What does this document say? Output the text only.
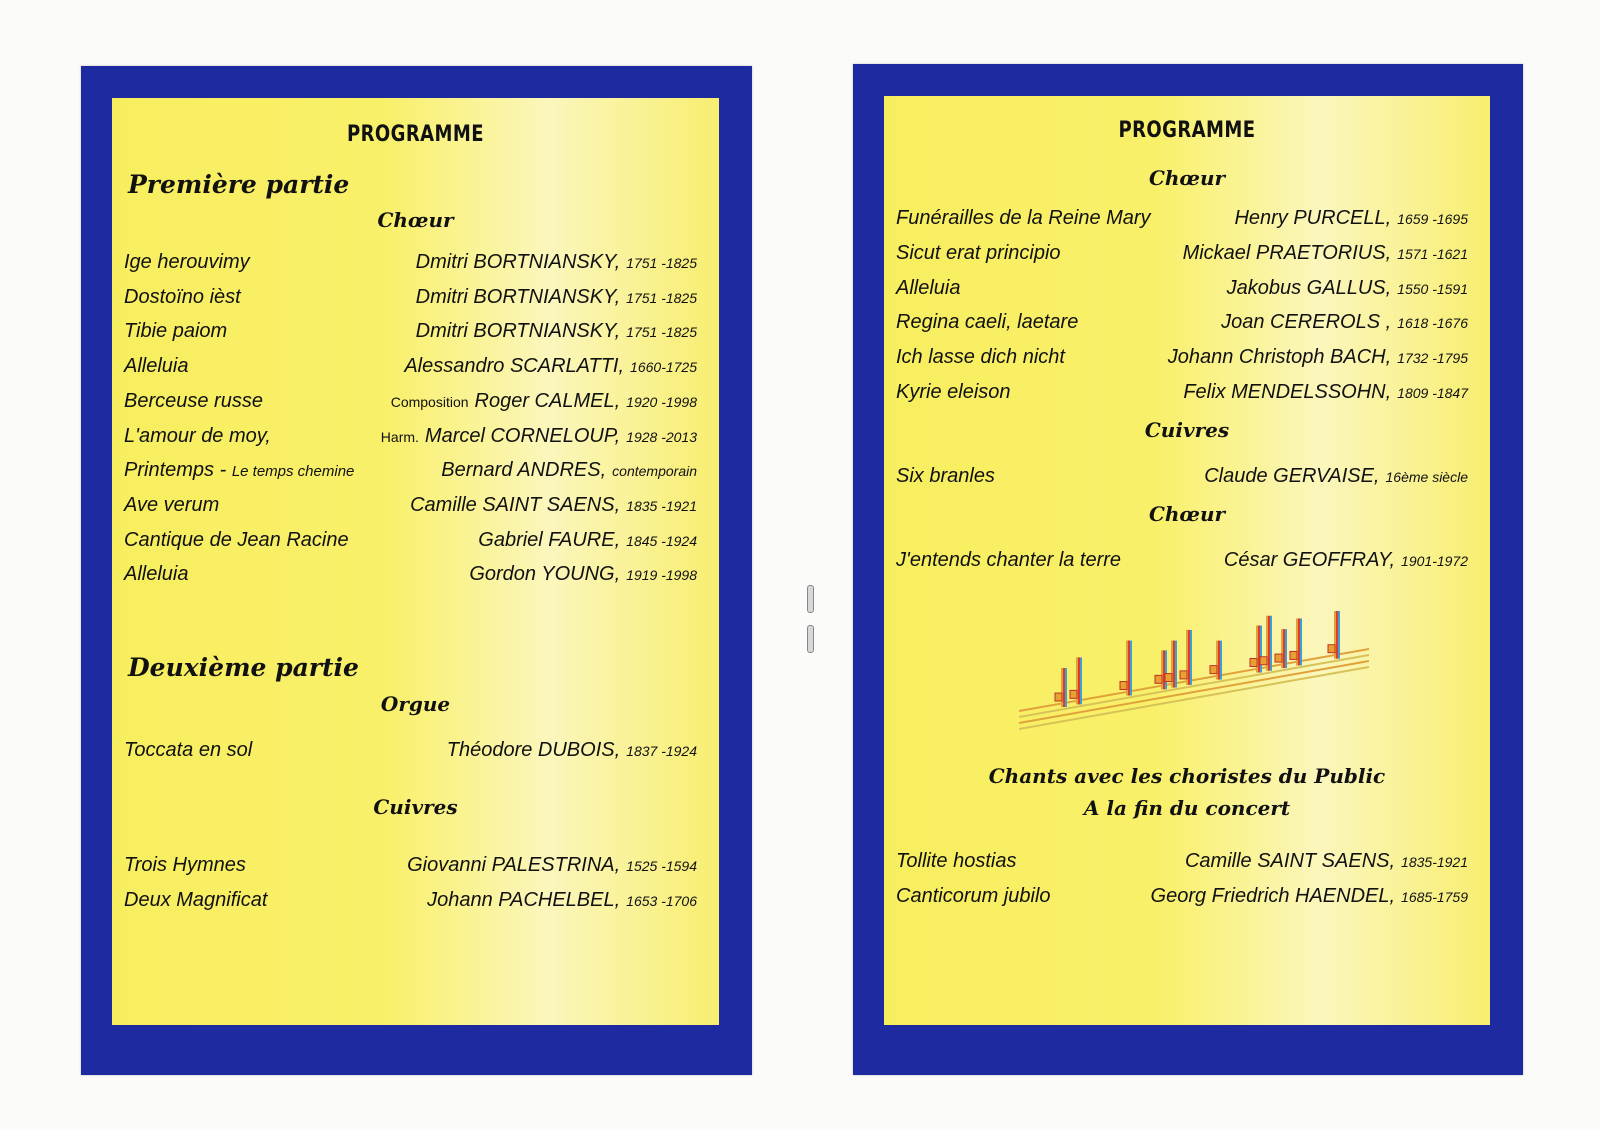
PROGRAMME
Première partie
Chœur
Ige herouvimy	Dmitri BORTNIANSKY, 1751 -1825
Dostoïno ièst	Dmitri BORTNIANSKY, 1751 -1825
Tibie paiom	Dmitri BORTNIANSKY, 1751 -1825
Alleluia	Alessandro SCARLATTI, 1660-1725
Berceuse russe	Composition Roger CALMEL, 1920 -1998
L'amour de moy,	Harm. Marcel CORNELOUP, 1928 -2013
Printemps - Le temps chemine	Bernard ANDRES, contemporain
Ave verum	Camille SAINT SAENS, 1835 -1921
Cantique de Jean Racine	Gabriel FAURE, 1845 -1924
Alleluia	Gordon YOUNG, 1919 -1998
Deuxième partie
Orgue
Toccata en sol	Théodore DUBOIS, 1837 -1924
Cuivres
Trois Hymnes	Giovanni PALESTRINA, 1525 -1594
Deux Magnificat	Johann PACHELBEL, 1653 -1706
PROGRAMME
Chœur
Funérailles de la Reine Mary	Henry PURCELL, 1659 -1695
Sicut erat principio	Mickael PRAETORIUS, 1571 -1621
Alleluia	Jakobus GALLUS, 1550 -1591
Regina caeli, laetare	Joan CEREROLS , 1618 -1676
Ich lasse dich nicht	Johann Christoph BACH, 1732 -1795
Kyrie eleison	Felix MENDELSSOHN, 1809 -1847
Cuivres
Six branles	Claude GERVAISE, 16ème siècle
Chœur
J'entends chanter la terre	César GEOFFRAY, 1901-1972
Chants avec les choristes du Public
A la fin du concert
Tollite hostias	Camille SAINT SAENS, 1835-1921
Canticorum jubilo	Georg Friedrich HAENDEL, 1685-1759
